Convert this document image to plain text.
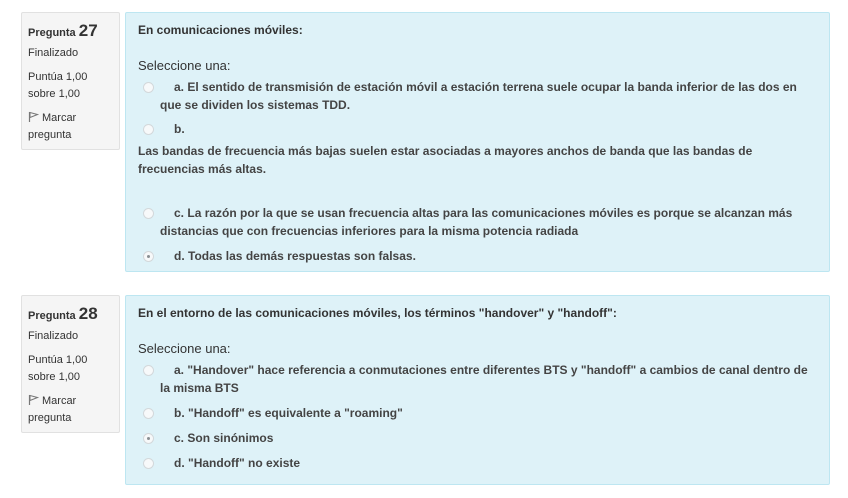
Pregunta 27
Finalizado
Puntúa 1,00 sobre 1,00
Marcar pregunta
En comunicaciones móviles:
Seleccione una:
a. El sentido de transmisión de estación móvil a estación terrena suele ocupar la banda inferior de las dos en que se dividen los sistemas TDD.
b.
Las bandas de frecuencia más bajas suelen estar asociadas a mayores anchos de banda que las bandas de frecuencias más altas.
c. La razón por la que se usan frecuencia altas para las comunicaciones móviles es porque se alcanzan más distancias que con frecuencias inferiores para la misma potencia radiada
d. Todas las demás respuestas son falsas.
Pregunta 28
Finalizado
Puntúa 1,00 sobre 1,00
Marcar pregunta
En el entorno de las comunicaciones móviles, los términos "handover" y "handoff":
Seleccione una:
a. "Handover" hace referencia a conmutaciones entre diferentes BTS y "handoff" a cambios de canal dentro de la misma BTS
b. "Handoff" es equivalente a "roaming"
c. Son sinónimos
d. "Handoff" no existe
